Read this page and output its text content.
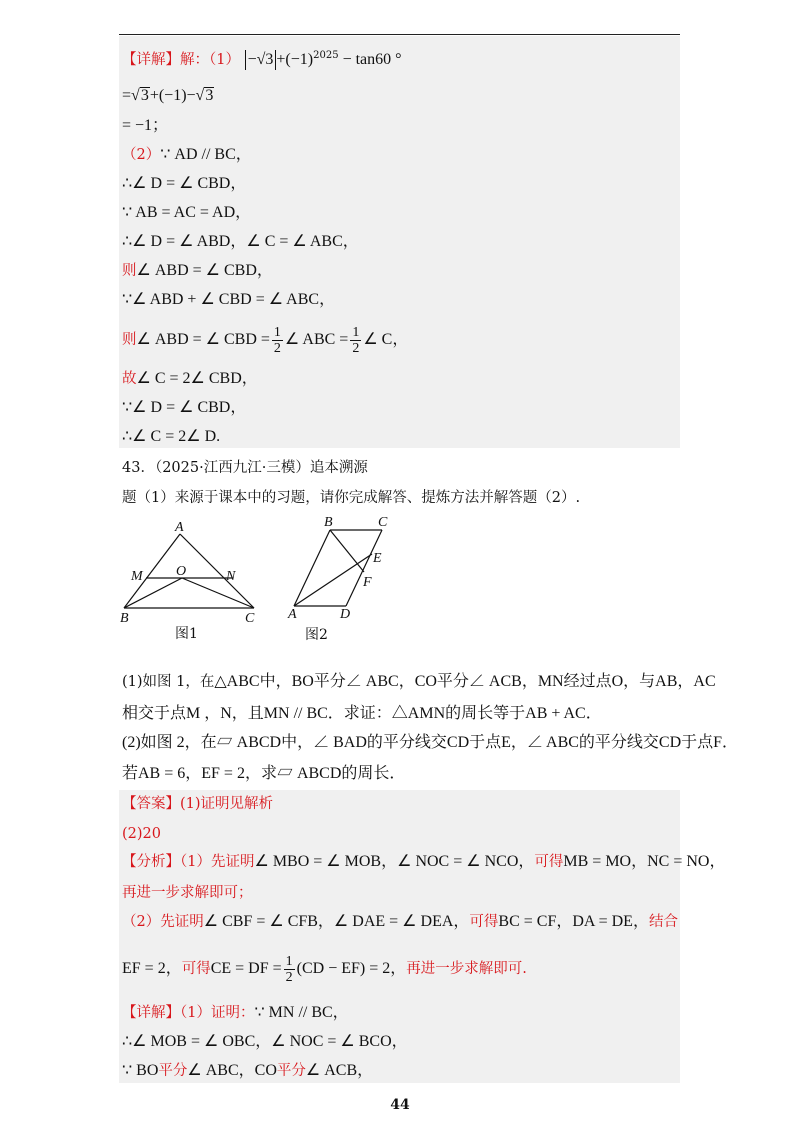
【详解】解：$(1) -√3 +(-1)^{2025} - \tan 60$ °
=√3+(−1)−√3
= −1；
（2）∵ AD // BC，
∴∠ D = ∠ CBD，
∵ AB = AC = AD，
∴∠ D = ∠ ABD，∠ C = ∠ ABC，
则∠ ABD = ∠ CBD，
∵∠ ABD + ∠ CBD = ∠ ABC，
则∠ ABD = ∠ CBD = $\frac{1}{2}$ ∠ ABC = $\frac{1}{2}$ ∠ C，
故∠ C = 2∠ CBD，
∵∠ D = ∠ CBD，
∴∠ C = 2∠ D.
43．（2025·江西九江·三模）追本溯源
题（1）来源于课本中的习题，请你完成解答、提炼方法并解答题（2）.
A
M O	N
B	C
图1
B	C
E
F
A	D
图2
(1)如图 1，在△ABC中，BO平分∠ ABC，CO平分∠ ACB，MN经过点O，与AB，AC
相交于点M ，N，且MN // BC．求证：△AMN的周长等于AB + AC．
(2)如图 2，在▱ ABCD中，∠ BAD的平分线交CD于点E，∠ ABC的平分线交CD于点F．
若AB = 6，EF = 2，求▱ ABCD的周长．
【答案】(1)证明见解析
(2)20
【分析】（1）先证明∠ MBO = ∠ MOB，∠ NOC = ∠ NCO，可得MB = MO，NC = NO，
再进一步求解即可；
（2）先证明∠ CBF = ∠ CFB，∠ DAE = ∠ DEA，可得BC = CF，DA = DE，结合
EF = 2，可得CE = DF = $\frac{1}{2} (CD - EF) = 2$，再进一步求解即可.
【详解】（1）证明：∵ MN // BC，
∴∠ MOB = ∠ OBC，∠ NOC = ∠ BCO，
∵ BO平分∠ ABC，CO平分∠ ACB，
44
